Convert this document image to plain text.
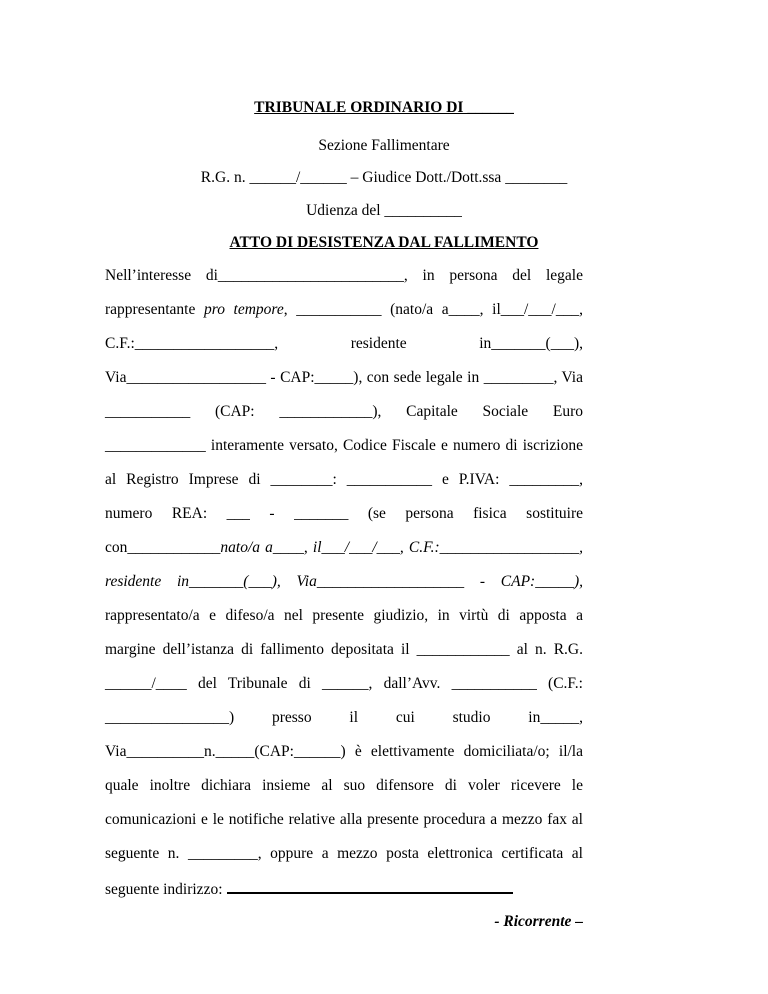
TRIBUNALE ORDINARIO DI ______
Sezione Fallimentare
R.G. n. ______/______ – Giudice Dott./Dott.ssa ________
Udienza del __________
ATTO DI DESISTENZA DAL FALLIMENTO
Nell’interesse di________________________, in persona del legale
rappresentante pro tempore, ___________ (nato/a a____, il___/___/___,
C.F.:__________________, residente in_______(___),
Via__________________ - CAP:_____), con sede legale in _________, Via
___________ (CAP: ____________), Capitale Sociale Euro
_____________ interamente versato, Codice Fiscale e numero di iscrizione
al Registro Imprese di ________: ___________ e P.IVA: _________,
numero REA: ___ - _______ (se persona fisica sostituire
con____________nato/a a____, il___/___/___, C.F.:__________________,
residente in_______(___), Via___________________ - CAP:_____),
rappresentato/a e difeso/a nel presente giudizio, in virtù di apposta a
margine dell’istanza di fallimento depositata il ____________ al n. R.G.
______/____ del Tribunale di ______, dall’Avv. ___________ (C.F.:
________________) presso il cui studio in_____,
Via__________n._____(CAP:______) è elettivamente domiciliata/o; il/la
quale inoltre dichiara insieme al suo difensore di voler ricevere le
comunicazioni e le notifiche relative alla presente procedura a mezzo fax al
seguente n. _________, oppure a mezzo posta elettronica certificata al
seguente indirizzo:
- Ricorrente –
